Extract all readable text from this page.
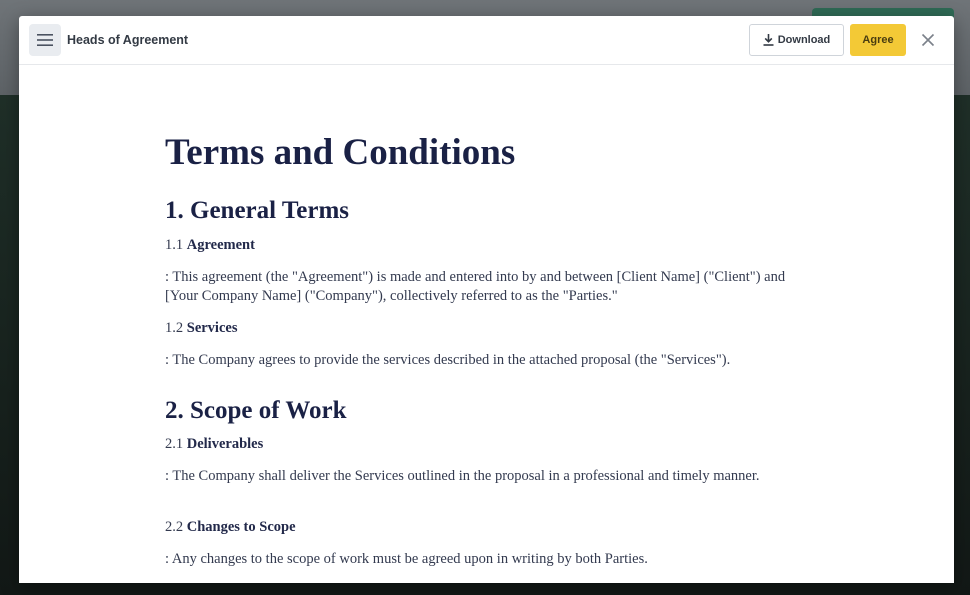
Heads of Agreement	Download	Agree
Terms and Conditions
1. General Terms

1.1 Agreement

: This agreement (the "Agreement") is made and entered into by and between [Client Name] ("Client") and [Your Company Name] ("Company"), collectively referred to as the "Parties."

1.2 Services

: The Company agrees to provide the services described in the attached proposal (the "Services").

2. Scope of Work

2.1 Deliverables

: The Company shall deliver the Services outlined in the proposal in a professional and timely manner.

2.2 Changes to Scope

: Any changes to the scope of work must be agreed upon in writing by both Parties.
